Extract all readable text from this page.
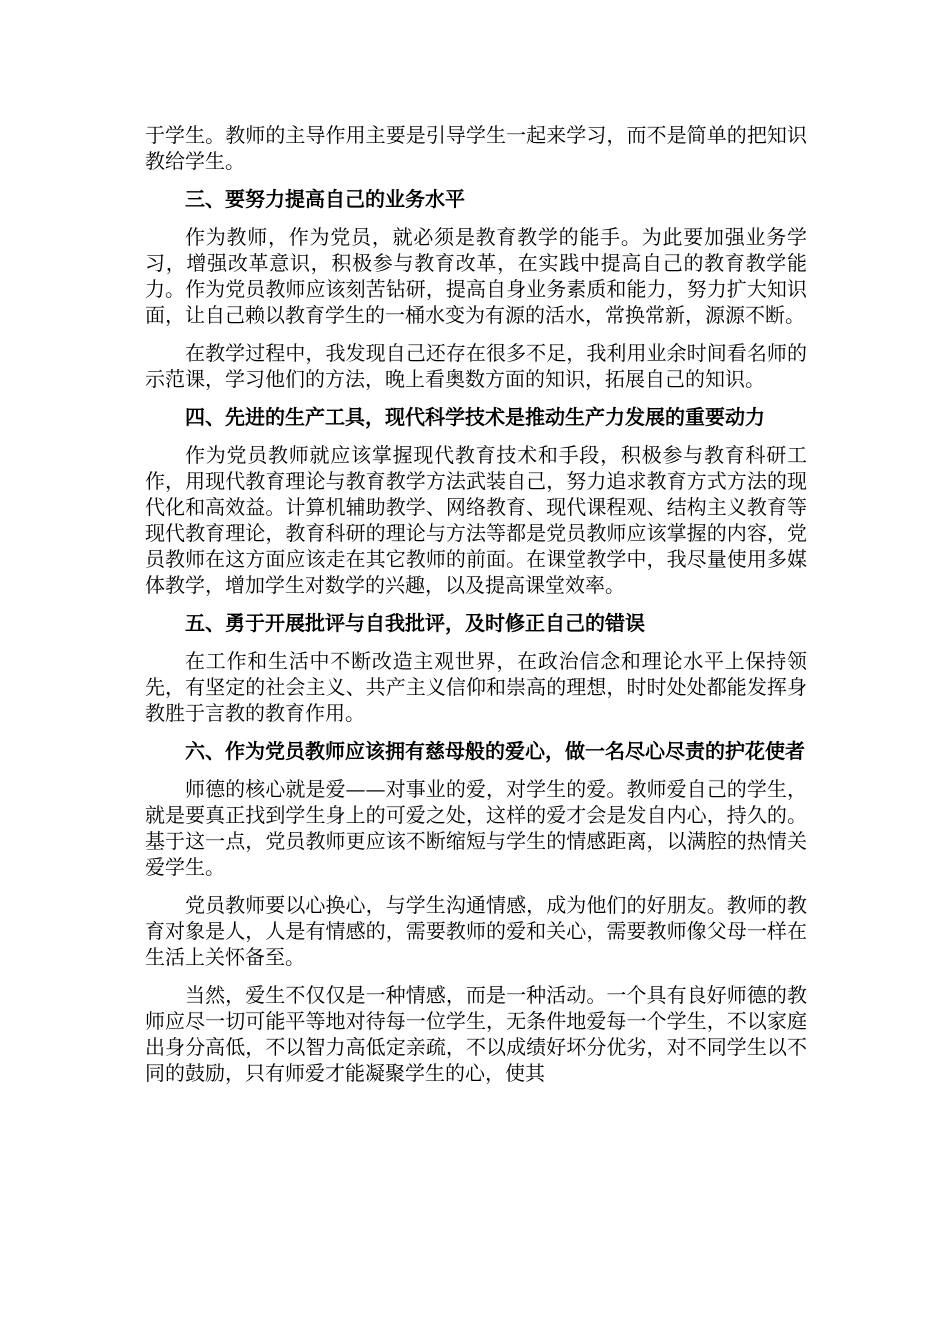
于学生。教师的主导作用主要是引导学生一起来学习，而不是简单的把知识教给学生。

三、要努力提高自己的业务水平

作为教师，作为党员，就必须是教育教学的能手。为此要加强业务学习，增强改革意识，积极参与教育改革，在实践中提高自己的教育教学能力。作为党员教师应该刻苦钻研，提高自身业务素质和能力，努力扩大知识面，让自己赖以教育学生的一桶水变为有源的活水，常换常新，源源不断。

在教学过程中，我发现自己还存在很多不足，我利用业余时间看名师的示范课，学习他们的方法，晚上看奥数方面的知识，拓展自己的知识。

四、先进的生产工具，现代科学技术是推动生产力发展的重要动力

作为党员教师就应该掌握现代教育技术和手段，积极参与教育科研工作，用现代教育理论与教育教学方法武装自己，努力追求教育方式方法的现代化和高效益。计算机辅助教学、网络教育、现代课程观、结构主义教育等现代教育理论，教育科研的理论与方法等都是党员教师应该掌握的内容，党员教师在这方面应该走在其它教师的前面。在课堂教学中，我尽量使用多媒体教学，增加学生对数学的兴趣，以及提高课堂效率。

五、勇于开展批评与自我批评，及时修正自己的错误

在工作和生活中不断改造主观世界，在政治信念和理论水平上保持领先，有坚定的社会主义、共产主义信仰和崇高的理想，时时处处都能发挥身教胜于言教的教育作用。

六、作为党员教师应该拥有慈母般的爱心，做一名尽心尽责的护花使者

师德的核心就是爱——对事业的爱，对学生的爱。教师爱自己的学生，就是要真正找到学生身上的可爱之处，这样的爱才会是发自内心，持久的。基于这一点，党员教师更应该不断缩短与学生的情感距离，以满腔的热情关爱学生。

党员教师要以心换心，与学生沟通情感，成为他们的好朋友。教师的教育对象是人，人是有情感的，需要教师的爱和关心，需要教师像父母一样在生活上关怀备至。

当然，爱生不仅仅是一种情感，而是一种活动。一个具有良好师德的教师应尽一切可能平等地对待每一位学生，无条件地爱每一个学生，不以家庭出身分高低，不以智力高低定亲疏，不以成绩好坏分优劣，对不同学生以不同的鼓励，只有师爱才能凝聚学生的心，使其
